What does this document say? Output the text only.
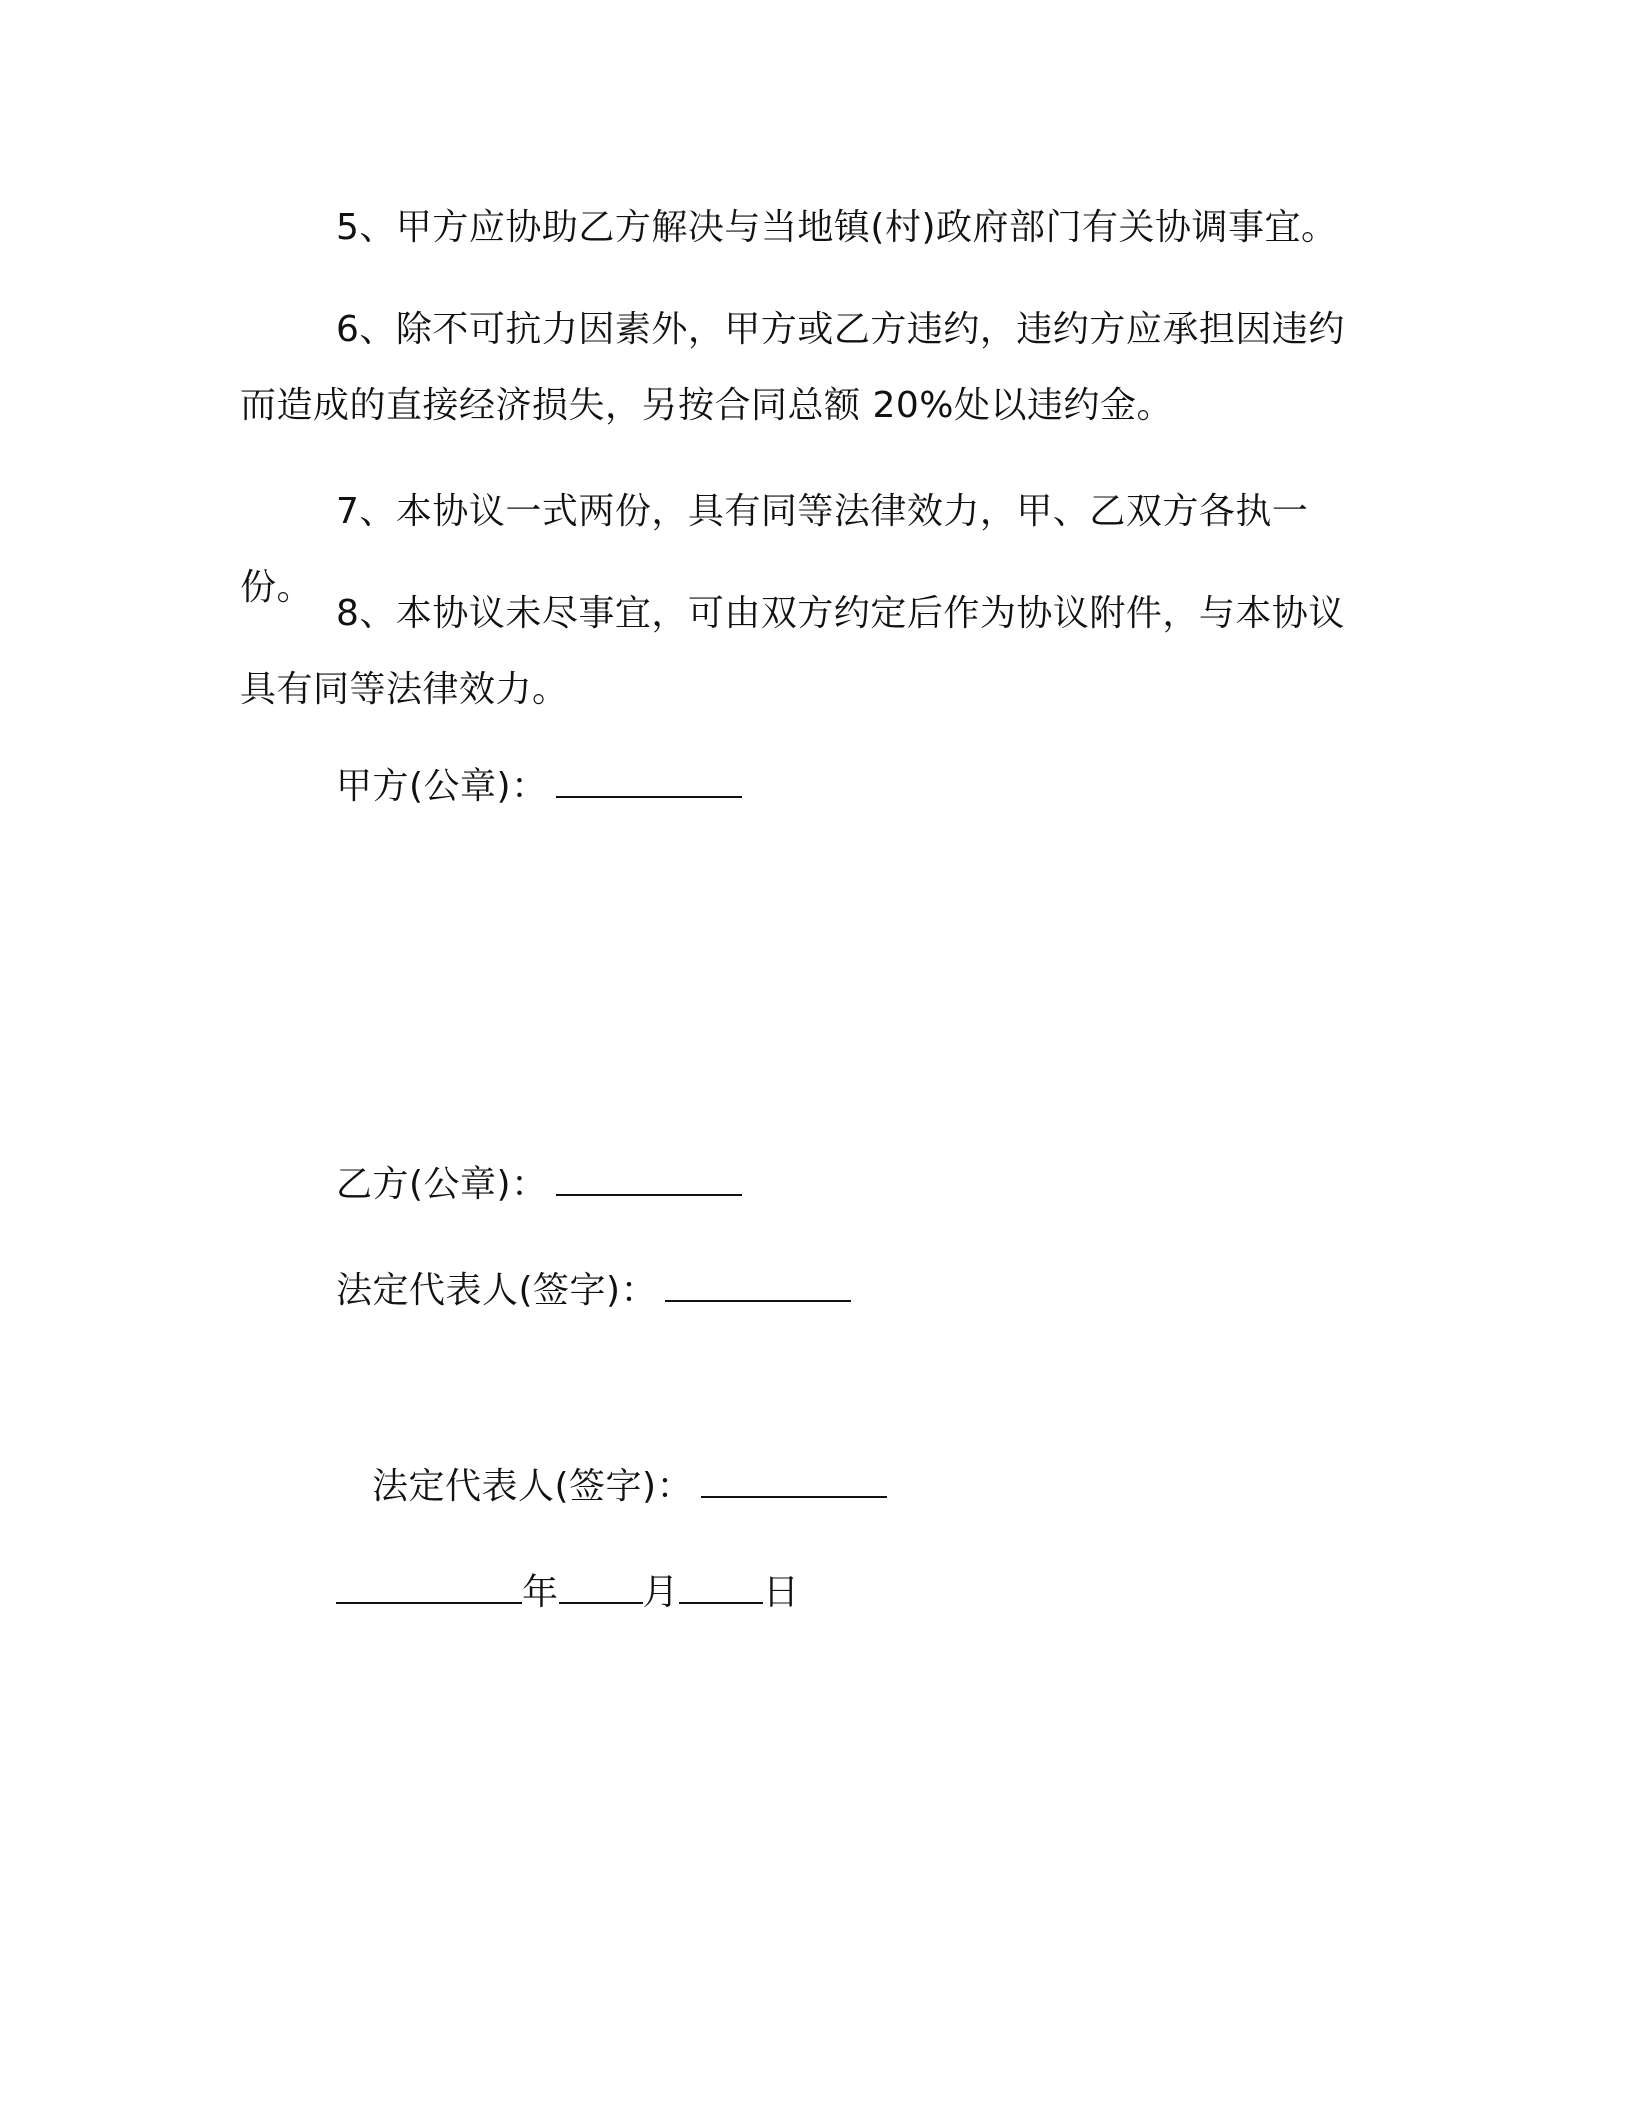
5、甲方应协助乙方解决与当地镇(村)政府部门有关协调事宜。

6、除不可抗力因素外，甲方或乙方违约，违约方应承担因违约而造成的直接经济损失，另按合同总额 20%处以违约金。

7、本协议一式两份，具有同等法律效力，甲、乙双方各执一份。

8、本协议未尽事宜，可由双方约定后作为协议附件，与本协议具有同等法律效力。

甲方(公章)：
乙方(公章)：
法定代表人(签字)：
法定代表人(签字)：
年 月 日
